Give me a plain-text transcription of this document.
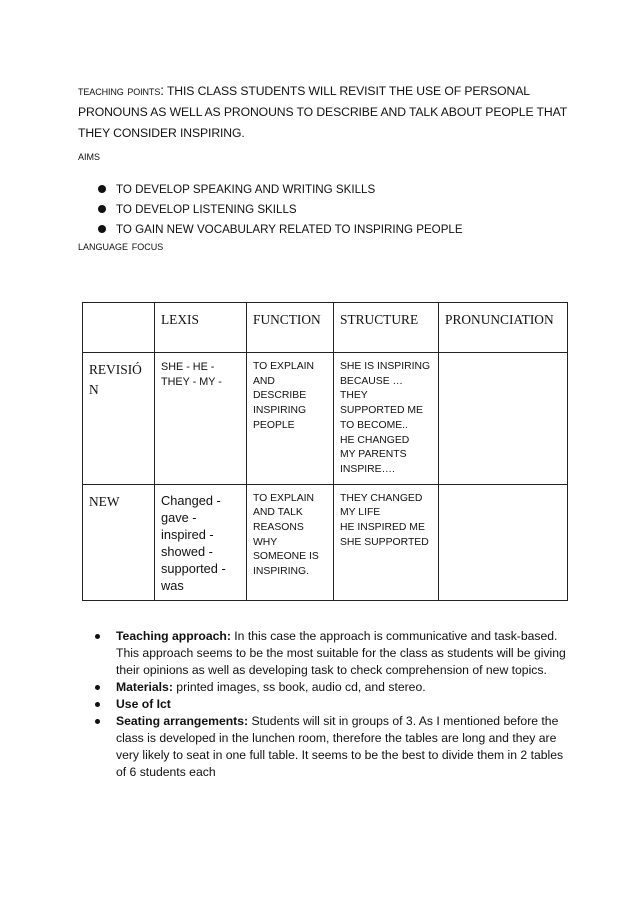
teaching points: THIS CLASS STUDENTS WILL REVISIT THE USE OF PERSONAL PRONOUNS AS WELL AS PRONOUNS TO DESCRIBE AND TALK ABOUT PEOPLE THAT THEY CONSIDER INSPIRING.
aims
TO DEVELOP SPEAKING AND WRITING SKILLS
TO DEVELOP LISTENING SKILLS
TO GAIN NEW VOCABULARY RELATED TO INSPIRING PEOPLE
language focus
	LEXIS	FUNCTION	STRUCTURE	PRONUNCIATION
REVISIÓN	SHE - HE - THEY - MY -	TO EXPLAIN AND DESCRIBE INSPIRING PEOPLE	SHE IS INSPIRING BECAUSE …
THEY SUPPORTED ME TO BECOME..
HE CHANGED
MY PARENTS INSPIRE….	

NEW	Changed - gave - inspired - showed - supported - was	TO EXPLAIN AND TALK REASONS WHY SOMEONE IS INSPIRING.	THEY CHANGED MY LIFE
HE INSPIRED ME
SHE SUPPORTED	

Teaching approach: In this case the approach is communicative and task-based. This approach seems to be the most suitable for the class as students will be giving their opinions as well as developing task to check comprehension of new topics.
Materials: printed images, ss book, audio cd, and stereo.
Use of Ict
Seating arrangements: Students will sit in groups of 3. As I mentioned before the class is developed in the lunchen room, therefore the tables are long and they are very likely to seat in one full table. It seems to be the best to divide them in 2 tables of 6 students each
